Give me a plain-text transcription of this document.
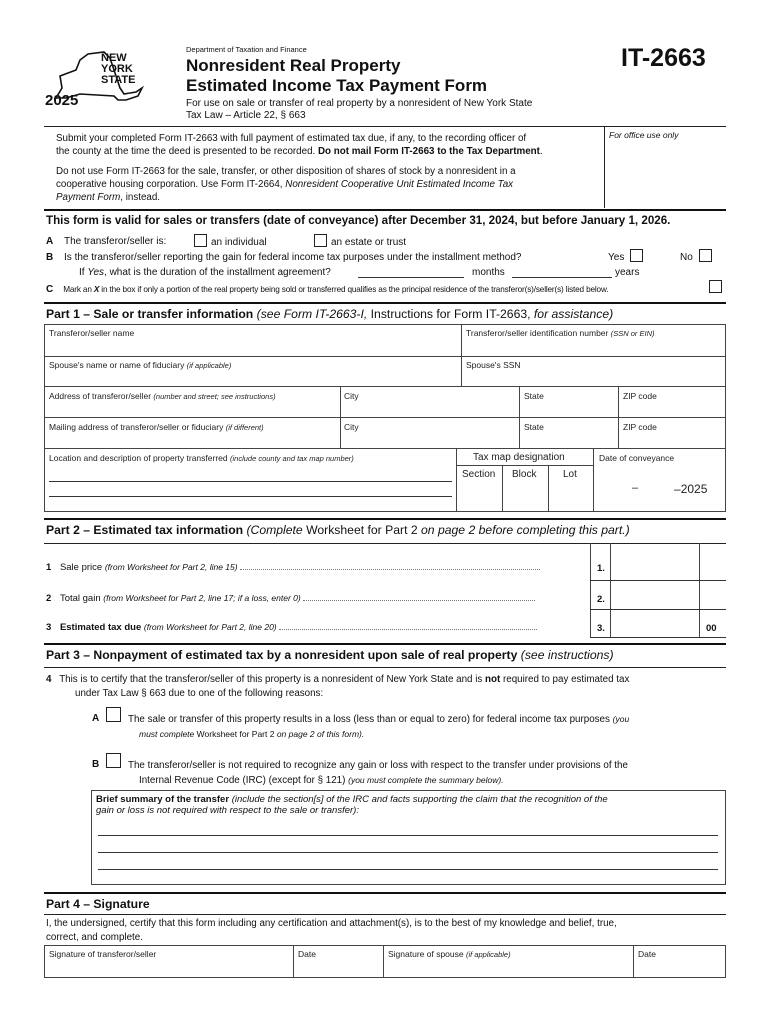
NEW
YORK
STATE
2025
Department of Taxation and Finance
Nonresident Real Property
Estimated Income Tax Payment Form
For use on sale or transfer of real property by a nonresident of New York State
Tax Law – Article 22, § 663
IT-2663
For office use only
Submit your completed Form IT-2663 with full payment of estimated tax due, if any, to the recording officer of
the county at the time the deed is presented to be recorded. Do not mail Form IT-2663 to the Tax Department.
Do not use Form IT-2663 for the sale, transfer, or other disposition of shares of stock by a nonresident in a
cooperative housing corporation. Use Form IT-2664, Nonresident Cooperative Unit Estimated Income Tax
Payment Form, instead.
This form is valid for sales or transfers (date of conveyance) after December 31, 2024, but before January 1, 2026.
A The transferor/seller is:	an individual	an estate or trust
B Is the transferor/seller reporting the gain for federal income tax purposes under the installment method?	Yes	No
If Yes, what is the duration of the installment agreement?	months	years
C Mark an X in the box if only a portion of the real property being sold or transferred qualifies as the principal residence of the transferor(s)/seller(s) listed below.
Part 1 – Sale or transfer information (see Form IT-2663-I, Instructions for Form IT-2663, for assistance)
Transferor/seller name	Transferor/seller identification number (SSN or EIN)
Spouse's name or name of fiduciary (if applicable)	Spouse's SSN
Address of transferor/seller (number and street; see instructions)	City	State	ZIP code
Mailing address of transferor/seller or fiduciary (if different)	City	State	ZIP code
Location and description of property transferred (include county and tax map number)	Tax map designation
Section Block	Lot
Date of conveyance
–	–2025
Part 2 – Estimated tax information (Complete Worksheet for Part 2 on page 2 before completing this part.)
1 Sale price (from Worksheet for Part 2, line 15)	1.
2 Total gain (from Worksheet for Part 2, line 17; if a loss, enter 0)	2.
3 Estimated tax due (from Worksheet for Part 2, line 20)	3.	00
Part 3 – Nonpayment of estimated tax by a nonresident upon sale of real property (see instructions)
4 This is to certify that the transferor/seller of this property is a nonresident of New York State and is not required to pay estimated tax
under Tax Law § 663 due to one of the following reasons:
A	The sale or transfer of this property results in a loss (less than or equal to zero) for federal income tax purposes (you
must complete Worksheet for Part 2 on page 2 of this form).
B	The transferor/seller is not required to recognize any gain or loss with respect to the transfer under provisions of the
Internal Revenue Code (IRC) (except for § 121) (you must complete the summary below).
Brief summary of the transfer (include the section[s] of the IRC and facts supporting the claim that the recognition of the
gain or loss is not required with respect to the sale or transfer):
Part 4 – Signature
I, the undersigned, certify that this form including any certification and attachment(s), is to the best of my knowledge and belief, true,
correct, and complete.
Signature of transferor/seller	Date	Signature of spouse (if applicable)	Date
